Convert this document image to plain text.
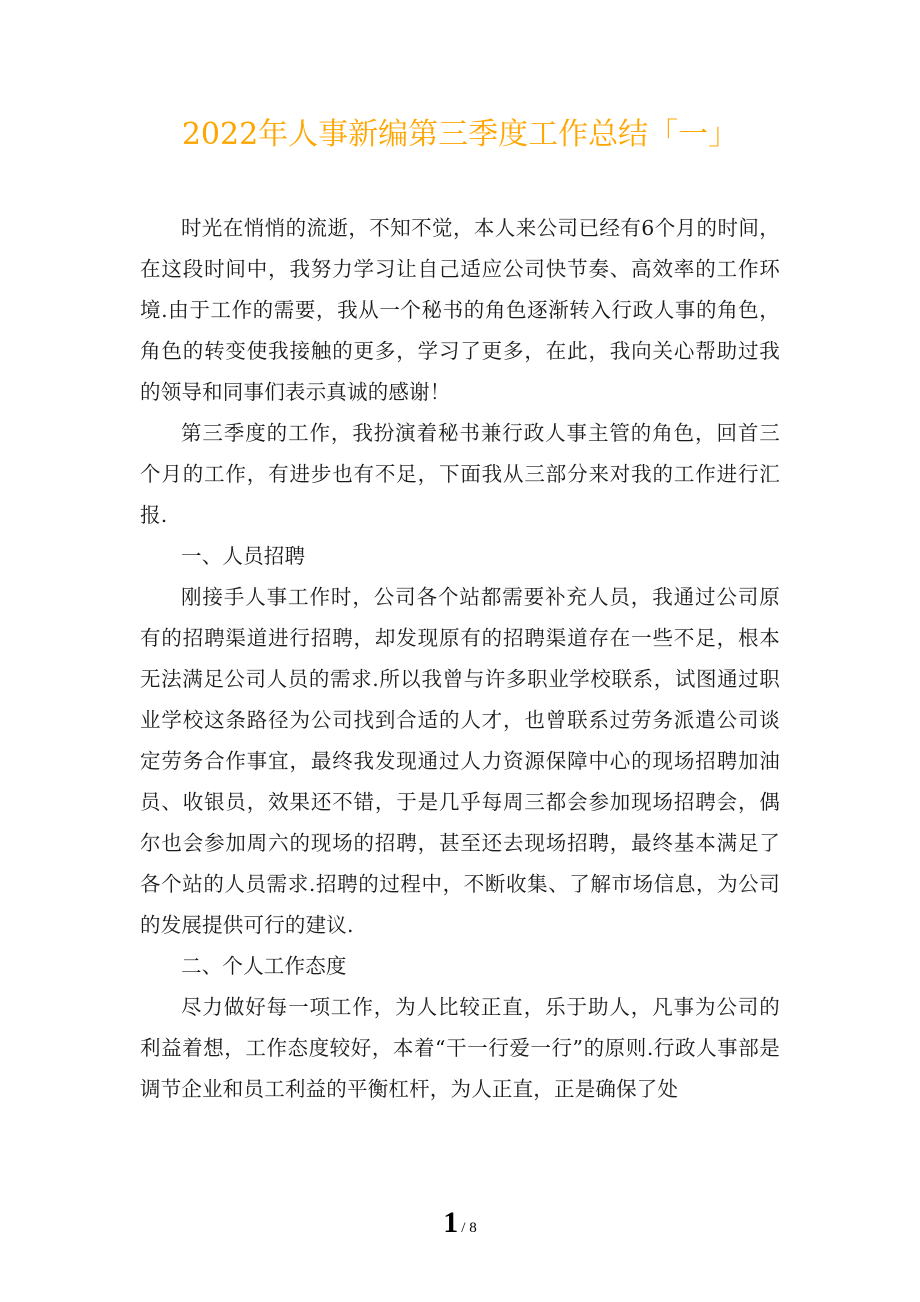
2022年人事新编第三季度工作总结「一」

时光在悄悄的流逝，不知不觉，本人来公司已经有6个月的时间，在这段时间中，我努力学习让自己适应公司快节奏、高效率的工作环境.由于工作的需要，我从一个秘书的角色逐渐转入行政人事的角色，角色的转变使我接触的更多，学习了更多，在此，我向关心帮助过我的领导和同事们表示真诚的感谢！

第三季度的工作，我扮演着秘书兼行政人事主管的角色，回首三个月的工作，有进步也有不足，下面我从三部分来对我的工作进行汇报.

一、人员招聘

刚接手人事工作时，公司各个站都需要补充人员，我通过公司原有的招聘渠道进行招聘，却发现原有的招聘渠道存在一些不足，根本无法满足公司人员的需求.所以我曾与许多职业学校联系，试图通过职业学校这条路径为公司找到合适的人才，也曾联系过劳务派遣公司谈定劳务合作事宜，最终我发现通过人力资源保障中心的现场招聘加油员、收银员，效果还不错，于是几乎每周三都会参加现场招聘会，偶尔也会参加周六的现场的招聘，甚至还去现场招聘，最终基本满足了各个站的人员需求.招聘的过程中，不断收集、了解市场信息，为公司的发展提供可行的建议.

二、个人工作态度

尽力做好每一项工作，为人比较正直，乐于助人，凡事为公司的利益着想，工作态度较好，本着“干一行爱一行”的原则.行政人事部是调节企业和员工利益的平衡杠杆，为人正直，正是确保了处

1 / 8
